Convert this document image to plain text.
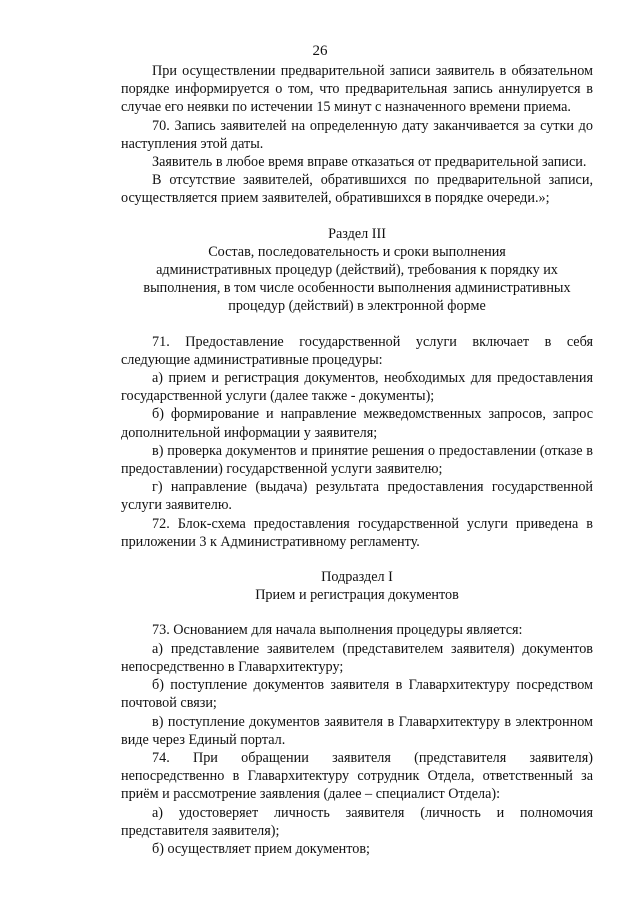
26

При осуществлении предварительной записи заявитель в обязательном порядке информируется о том, что предварительная запись аннулируется в случае его неявки по истечении 15 минут с назначенного времени приема.

70. Запись заявителей на определенную дату заканчивается за сутки до наступления этой даты.

Заявитель в любое время вправе отказаться от предварительной записи.

В отсутствие заявителей, обратившихся по предварительной записи, осуществляется прием заявителей, обратившихся в порядке очереди.»;

Раздел III

Состав, последовательность и сроки выполнения

административных процедур (действий), требования к порядку их

выполнения, в том числе особенности выполнения административных

процедур (действий) в электронной форме

71. Предоставление государственной услуги включает в себя следующие административные процедуры:

а) прием и регистрация документов, необходимых для предоставления государственной услуги (далее также - документы);

б) формирование и направление межведомственных запросов, запрос дополнительной информации у заявителя;

в) проверка документов и принятие решения о предоставлении (отказе в предоставлении) государственной услуги заявителю;

г) направление (выдача) результата предоставления государственной услуги заявителю.

72. Блок-схема предоставления государственной услуги приведена в приложении 3 к Административному регламенту.

Подраздел I

Прием и регистрация документов

73. Основанием для начала выполнения процедуры является:

а) представление заявителем (представителем заявителя) документов непосредственно в Главархитектуру;

б) поступление документов заявителя в Главархитектуру посредством почтовой связи;

в) поступление документов заявителя в Главархитектуру в электронном виде через Единый портал.

74. При обращении заявителя (представителя заявителя) непосредственно в Главархитектуру сотрудник Отдела, ответственный за приём и рассмотрение заявления (далее – специалист Отдела):

а) удостоверяет личность заявителя (личность и полномочия представителя заявителя);

б) осуществляет прием документов;
